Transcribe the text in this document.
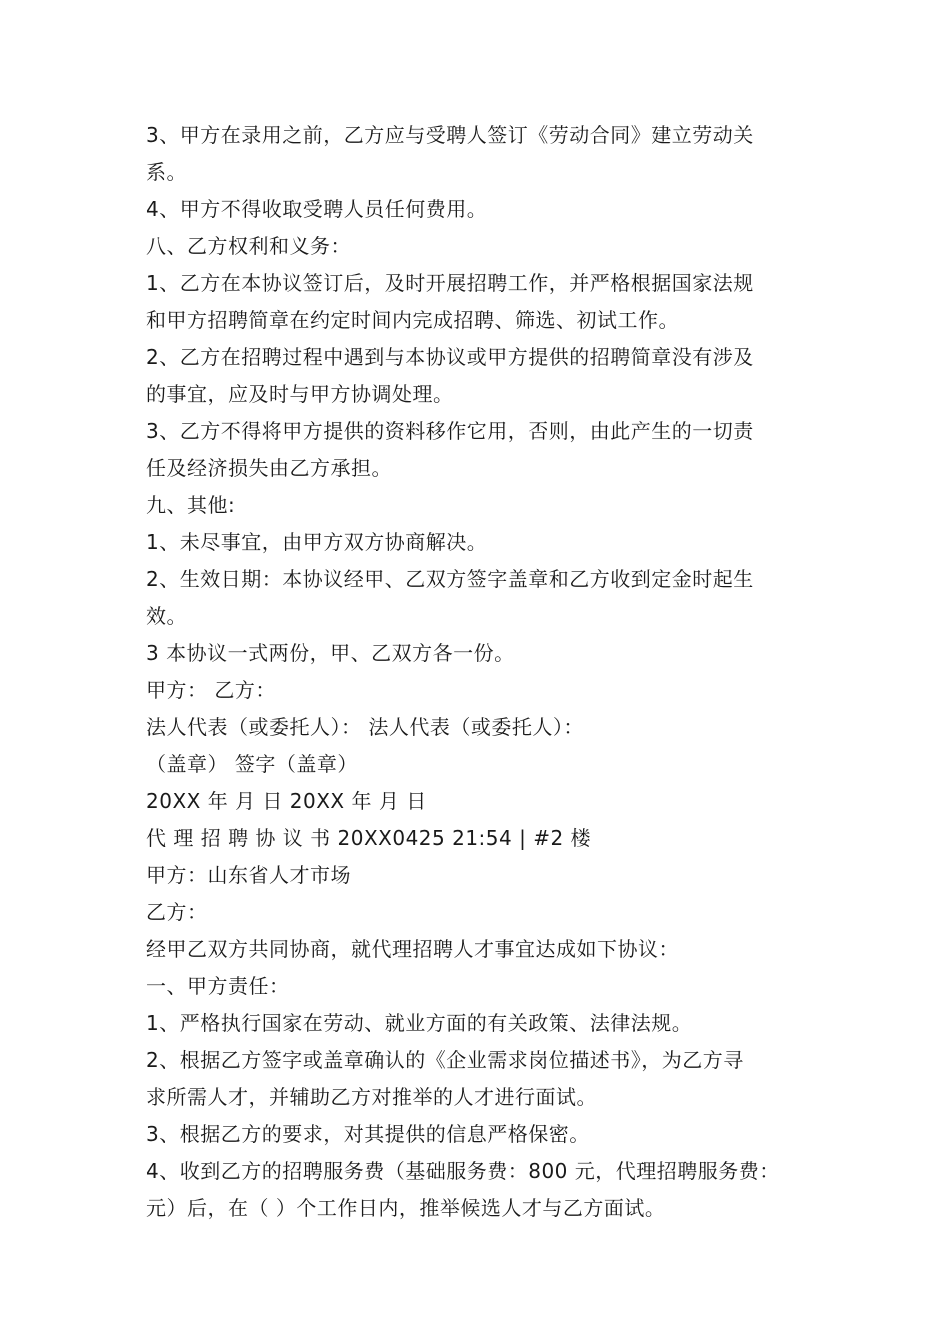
3、甲方在录用之前，乙方应与受聘人签订《劳动合同》建立劳动关
系。
4、甲方不得收取受聘人员任何费用。
八、乙方权利和义务：
1、乙方在本协议签订后，及时开展招聘工作，并严格根据国家法规
和甲方招聘简章在约定时间内完成招聘、筛选、初试工作。
2、乙方在招聘过程中遇到与本协议或甲方提供的招聘简章没有涉及
的事宜，应及时与甲方协调处理。
3、乙方不得将甲方提供的资料移作它用，否则，由此产生的一切责
任及经济损失由乙方承担。
九、其他:
1、未尽事宜，由甲方双方协商解决。
2、生效日期：本协议经甲、乙双方签字盖章和乙方收到定金时起生
效。
3 本协议一式两份，甲、乙双方各一份。
甲方： 乙方：
法人代表（或委托人）： 法人代表（或委托人）：
（盖章） 签字（盖章）
20XX 年 月 日 20XX 年 月 日
代 理 招 聘 协 议 书 20XX0425 21:54 | #2 楼
甲方：山东省人才市场
乙方：
经甲乙双方共同协商，就代理招聘人才事宜达成如下协议：
一、甲方责任：
1、严格执行国家在劳动、就业方面的有关政策、法律法规。
2、根据乙方签字或盖章确认的《企业需求岗位描述书》，为乙方寻
求所需人才，并辅助乙方对推举的人才进行面试。
3、根据乙方的要求，对其提供的信息严格保密。
4、收到乙方的招聘服务费（基础服务费：800 元，代理招聘服务费：
元）后，在（ ）个工作日内，推举候选人才与乙方面试。
